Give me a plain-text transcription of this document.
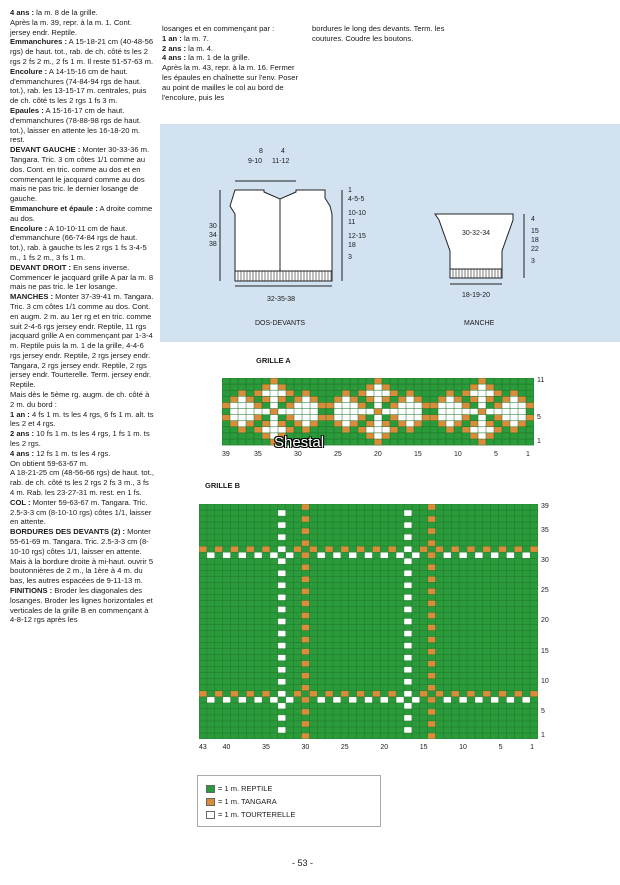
4 ans : la m. 8 de la grille.

Après la m. 39, repr. à la m. 1. Cont. jersey endr. Reptile.

Emmanchures : A 15-18-21 cm (40-48-56 rgs) de haut. tot., rab. de ch. côté ts les 2 rgs 2 fs 2 m., 2 fs 1 m. Il reste 51-57-63 m.

Encolure : A 14-15-16 cm de haut. d'emmanchures (74-84-94 rgs de haut. tot.), rab. les 13-15-17 m. centrales, puis de ch. côté ts les 2 rgs 1 fs 3 m.

Epaules : A 15-16-17 cm de haut. d'emmanchures (78-88-98 rgs de haut. tot.), laisser en attente les 16-18-20 m. rest.

DEVANT GAUCHE : Monter 30-33-36 m. Tangara. Tric. 3 cm côtes 1/1 comme au dos. Cont. en tric. comme au dos et en commençant le jacquard comme au dos mais ne pas tric. le dernier losange de gauche.

Emmanchure et épaule : A droite comme au dos.

Encolure : A 10-10-11 cm de haut. d'emmanchure (66-74-84 rgs de haut. tot.), rab. à gauche ts les 2 rgs 1 fs 3-4-5 m., 1 fs 2 m., 3 fs 1 m.

DEVANT DROIT : En sens inverse. Commencer le jacquard grille A par la m. 8 mais ne pas tric. le 1er losange.

MANCHES : Monter 37-39-41 m. Tangara. Tric. 3 cm côtes 1/1 comme au dos. Cont. en augm. 2 m. au 1er rg et en tric. comme suit 2-4-6 rgs jersey endr. Reptile, 11 rgs jacquard grille A en commençant par 1-3-4 m. Reptile puis la m. 1 de la grille, 4-4-6 rgs jersey endr. Reptile, 2 rgs jersey endr. Tangara, 2 rgs jersey endr. Reptile, 2 rgs jersey endr. Tourterelle. Term. jersey endr. Reptile.

Mais dès le 5ème rg. augm. de ch. côté à 2 m. du bord :

1 an : 4 fs 1 m. ts les 4 rgs, 6 fs 1 m. alt. ts les 2 et 4 rgs.

2 ans : 10 fs 1 m. ts les 4 rgs, 1 fs 1 m. ts les 2 rgs.

4 ans : 12 fs 1 m. ts les 4 rgs.

On obtient 59-63-67 m.

A 18-21-25 cm (48-56-66 rgs) de haut. tot., rab. de ch. côté ts les 2 rgs 2 fs 3 m., 3 fs 4 m. Rab. les 23-27-31 m. rest. en 1 fs.

COL : Monter 59-63-67 m. Tangara. Tric. 2.5-3-3 cm (8-10-10 rgs) côtes 1/1, laisser en attente.

BORDURES DES DEVANTS (2) : Monter 55-61-69 m. Tangara. Tric. 2.5-3-3 cm (8-10-10 rgs) côtes 1/1, laisser en attente. Mais à la bordure droite à mi-haut. ouvrir 5 boutonnières de 2 m., la 1ère à 4 m. du bas, les autres espacées de 9-11-13 m.

FINITIONS : Broder les diagonales des losanges. Broder les lignes horizontales et verticales de la grille B en commençant à 4-8-12 rgs après les

losanges et en commençant par :

1 an : la m. 7.

2 ans : la m. 4.

4 ans : la m. 1 de la grille.

Après la m. 43, repr. à la m. 16. Fermer les épaules en chaînette sur l'env. Poser au point de mailles le col au bord de l'encolure, puis les

bordures le long des devants. Term. les coutures. Coudre les boutons.

8
9-10
4
11-12
30
34
38
1
4-5-5
10-10
11
12-15
18
3
32-35-38
DOS-DEVANTS
30-32-34
4
15
18
22
3
18-19-20
MANCHE
GRILLE A
39	35	30	25	20	15	10	5	1
11
5
1
GRILLE B
43 40	35	30	25	20	15	10	5	1
39
35
30
25
20
15
10
5
1
Shestal
= 1 m. REPTILE
= 1 m. TANGARA
= 1 m. TOURTERELLE
- 53 -
